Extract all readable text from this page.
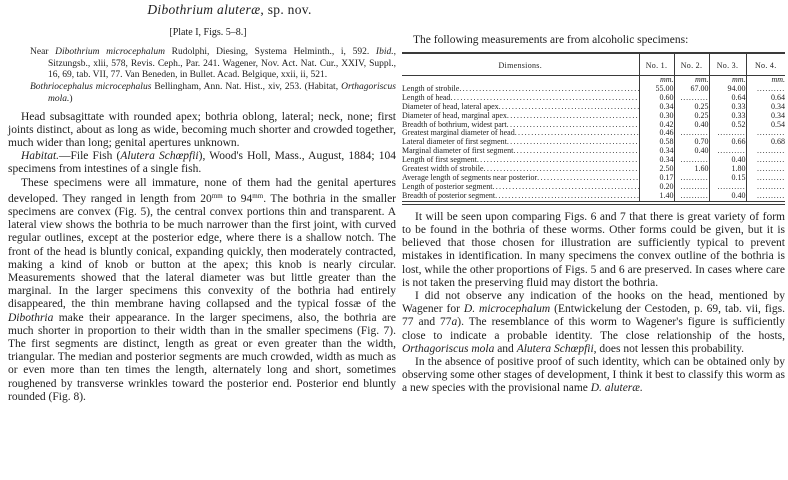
Dibothrium aluteræ, sp. nov.
[Plate I, Figs. 5–8.]

Near Dibothrium microcephalum Rudolphi, Diesing, Systema Helminth., i, 592. Ibid., Sitzungsb., xlii, 578, Revis. Ceph., Par. 241. Wagener, Nov. Act. Nat. Cur., XXIV, Suppl., 16, 69, tab. VII, 77. Van Beneden, in Bullet. Acad. Belgique, xxii, ii, 521.

Bothriocephalus microcephalus Bellingham, Ann. Nat. Hist., xiv, 253. (Habitat, Orthagoriscus mola.)

Head subsagittate with rounded apex; bothria oblong, lateral; neck, none; first joints distinct, about as long as wide, becoming much shorter and crowded together, much wider than long; genital apertures unknown.

Habitat.—File Fish (Alutera Schœpfii), Wood's Holl, Mass., August, 1884; 104 specimens from intestines of a single fish.

These specimens were all immature, none of them had the genital apertures developed. They ranged in length from $20^{mm}$ to $94^{mm}$. The bothria in the smaller specimens are convex (Fig. 5), the central convex portions thin and transparent. A lateral view shows the bothria to be much narrower than the first joint, with curved regular outlines, except at the posterior edge, where there is a shallow notch. The front of the head is bluntly conical, expanding quickly, then moderately contracted, making a kind of knob or button at the apex; this knob is nearly circular. Measurements showed that the lateral diameter was but little greater than the marginal. In the larger specimens this convexity of the bothria had entirely disappeared, the thin membrane having collapsed and the typical fossæ of the Dibothria make their appearance. In the larger specimens, also, the bothria are much shorter in proportion to their width than in the smaller specimens (Fig. 7). The first segments are distinct, length as great or even greater than the width, triangular. The median and posterior segments are much crowded, width as much as or even more than ten times the length, alternately long and short, sometimes roughened by transverse wrinkles toward the posterior end. Posterior end bluntly rounded (Fig. 8).

The following measurements are from alcoholic specimens:

Dimensions.	No. 1.	No. 2.	No. 3.	No. 4.
	mm.	mm.	mm.	mm.

Length of strobile .....	55.00	67.00	94.00	.....

Length of head .....	0.60	.....	0.64	0.64

Diameter of head, lateral apex .....	0.34	0.25	0.33	0.34

Diameter of head, marginal apex .....	0.30	0.25	0.33	0.34

Breadth of bothrium, widest part .....	0.42	0.40	0.52	0.54

Greatest marginal diameter of head .....	0.46	.....	.....	.....

Lateral diameter of first segment .....	0.58	0.70	0.66	0.68

Marginal diameter of first segment .....	0.34	0.40	.....	.....

Length of first segment .....	0.34	.....	0.40	.....

Greatest width of strobile .....	2.50	1.60	1.80	.....

Average length of segments near posterior .....	0.17	.....	0.15	.....

Length of posterior segment .....	0.20	.....	.....	.....

Breadth of posterior segment .....	1.40	.....	0.40	.....

It will be seen upon comparing Figs. 6 and 7 that there is great variety of form to be found in the bothria of these worms. Other forms could be given, but it is believed that those chosen for illustration are sufficiently typical to prevent mistakes in identification. In many specimens the convex outline of the bothria is lost, while the other proportions of Figs. 5 and 6 are preserved. In cases where care is not taken the preserving fluid may distort the bothria.

I did not observe any indication of the hooks on the head, mentioned by Wagener for D. microcephalum (Entwickelung der Cestoden, p. 69, tab. vii, figs. 77 and 77a). The resemblance of this worm to Wagener's figure is sufficiently close to indicate a probable identity. The close relationship of the hosts, Orthagoriscus mola and Alutera Schœpfii, does not lessen this probability.

In the absence of positive proof of such identity, which can be obtained only by observing some other stages of development, I think it best to classify this worm as a new species with the provisional name D. aluteræ.
